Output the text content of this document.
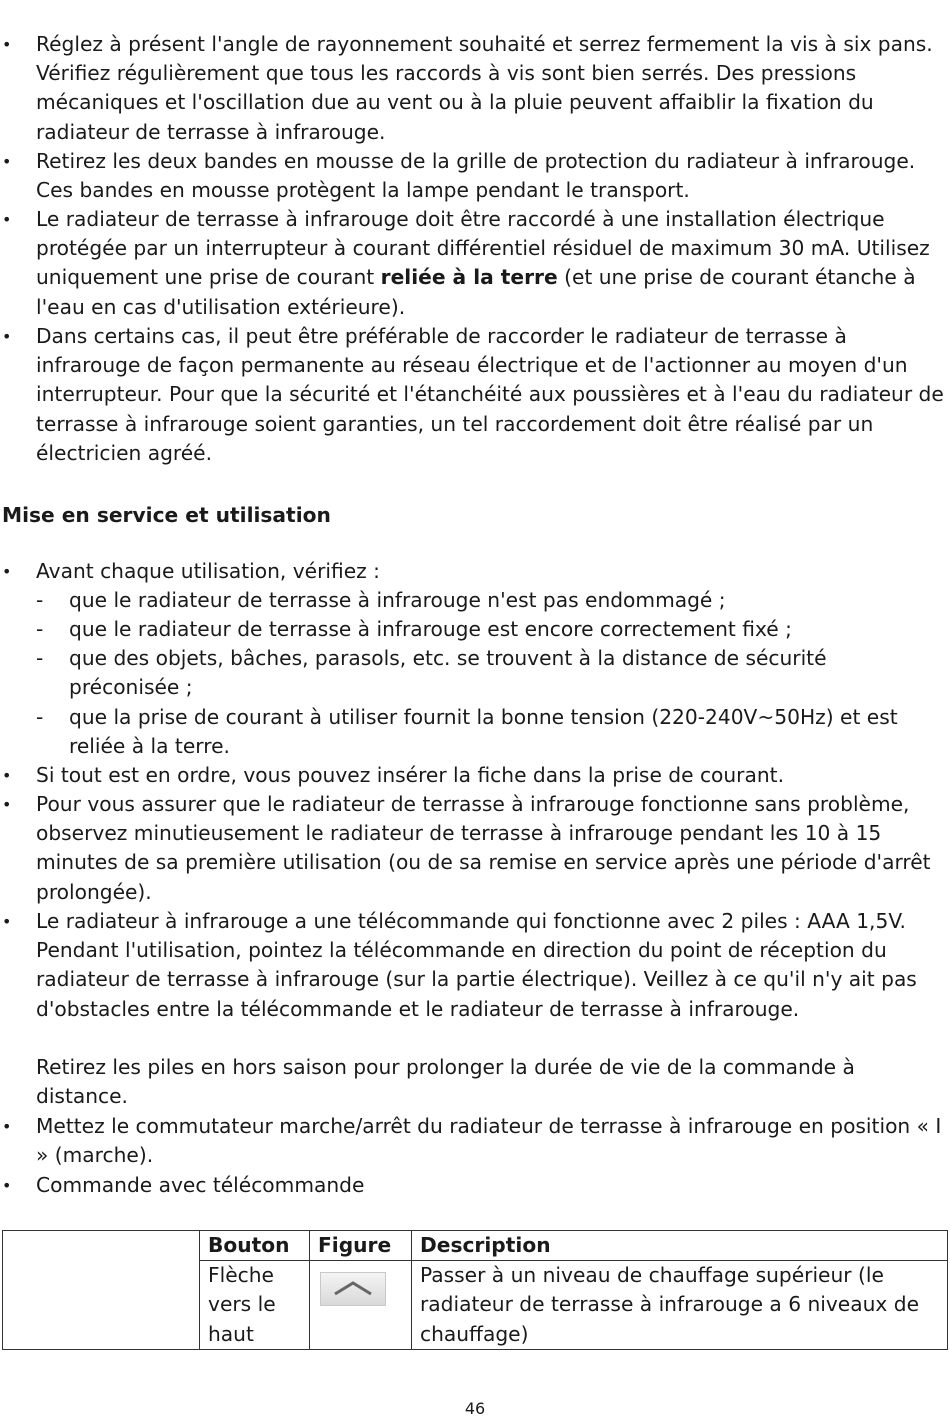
• Réglez à présent l'angle de rayonnement souhaité et serrez fermement la vis à six pans. Vérifiez régulièrement que tous les raccords à vis sont bien serrés. Des pressions mécaniques et l'oscillation due au vent ou à la pluie peuvent affaiblir la fixation du radiateur de terrasse à infrarouge.
• Retirez les deux bandes en mousse de la grille de protection du radiateur à infrarouge. Ces bandes en mousse protègent la lampe pendant le transport.
• Le radiateur de terrasse à infrarouge doit être raccordé à une installation électrique protégée par un interrupteur à courant différentiel résiduel de maximum 30 mA. Utilisez uniquement une prise de courant reliée à la terre (et une prise de courant étanche à l'eau en cas d'utilisation extérieure).
• Dans certains cas, il peut être préférable de raccorder le radiateur de terrasse à infrarouge de façon permanente au réseau électrique et de l'actionner au moyen d'un interrupteur. Pour que la sécurité et l'étanchéité aux poussières et à l'eau du radiateur de terrasse à infrarouge soient garanties, un tel raccordement doit être réalisé par un électricien agréé.
Mise en service et utilisation
• Avant chaque utilisation, vérifiez :
- que le radiateur de terrasse à infrarouge n'est pas endommagé ;
- que le radiateur de terrasse à infrarouge est encore correctement fixé ;
- que des objets, bâches, parasols, etc. se trouvent à la distance de sécurité préconisée ;
- que la prise de courant à utiliser fournit la bonne tension (220-240V~50Hz) et est reliée à la terre.
• Si tout est en ordre, vous pouvez insérer la fiche dans la prise de courant.
• Pour vous assurer que le radiateur de terrasse à infrarouge fonctionne sans problème, observez minutieusement le radiateur de terrasse à infrarouge pendant les 10 à 15 minutes de sa première utilisation (ou de sa remise en service après une période d'arrêt prolongée).
• Le radiateur à infrarouge a une télécommande qui fonctionne avec 2 piles : AAA 1,5V. Pendant l'utilisation, pointez la télécommande en direction du point de réception du radiateur de terrasse à infrarouge (sur la partie électrique). Veillez à ce qu'il n'y ait pas d'obstacles entre la télécommande et le radiateur de terrasse à infrarouge.
Retirez les piles en hors saison pour prolonger la durée de vie de la commande à distance.
• Mettez le commutateur marche/arrêt du radiateur de terrasse à infrarouge en position « I » (marche).
• Commande avec télécommande
	Bouton	Figure	Description
	Flèche vers le haut		Passer à un niveau de chauffage supérieur (le radiateur de terrasse à infrarouge a 6 niveaux de chauffage)
46
